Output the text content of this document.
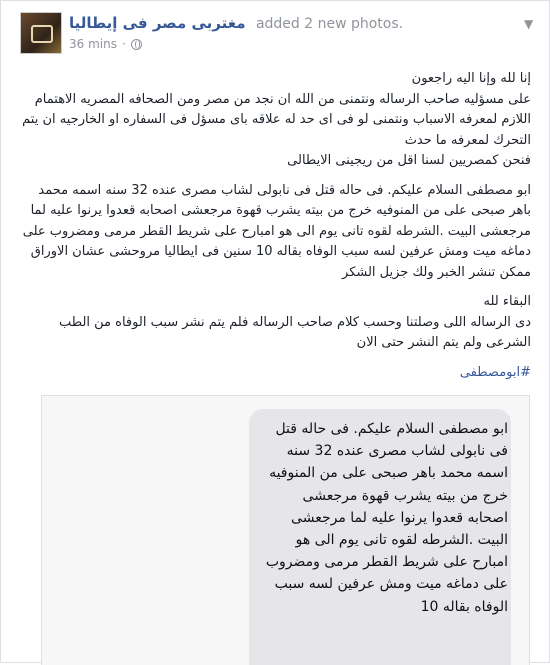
مغتربى مصر فى إيطاليا added 2 new photos.
36 mins ·
▼

إنا لله وإنا اليه راجعون
على مسؤليه صاحب الرساله ونتمنى من الله ان نجد من مصر ومن الصحافه المصريه الاهتمام اللازم لمعرفه الاسباب ونتمنى لو فى اى حد له علاقه باى مسؤل فى السفاره او الخارجيه ان يتم التحرك لمعرفه ما حدث
فنحن كمصريين لسنا اقل من ريجينى الايطالى

ابو مصطفى السلام عليكم. فى حاله قتل فى نابولى لشاب مصرى عنده 32 سنه اسمه محمد باهر صبحى على من المنوفيه خرج من بيته يشرب قهوة مرجعشى اصحابه قعدوا يرنوا عليه لما مرجعشى البيت .الشرطه لقوه تانى يوم الى هو امبارح على شريط القطر مرمى ومضروب على دماغه ميت ومش عرفين لسه سبب الوفاه بقاله 10 سنين فى ايطاليا مروحشى عشان الاوراق ممكن تنشر الخبر ولك جزيل الشكر

البقاء لله
دى الرساله اللى وصلتنا وحسب كلام صاحب الرساله فلم يتم نشر سبب الوفاه من الطب الشرعى ولم يتم النشر حتى الان

#ابومصطفى
ابو مصطفى السلام عليكم. فى حاله قتل فى نابولى لشاب مصرى عنده 32 سنه اسمه محمد باهر صبحى على من المنوفيه خرج من بيته يشرب قهوة مرجعشى اصحابه قعدوا يرنوا عليه لما مرجعشى البيت .الشرطه لقوه تانى يوم الى هو امبارح على شريط القطر مرمى ومضروب على دماغه ميت ومش عرفين لسه سبب الوفاه بقاله 10
